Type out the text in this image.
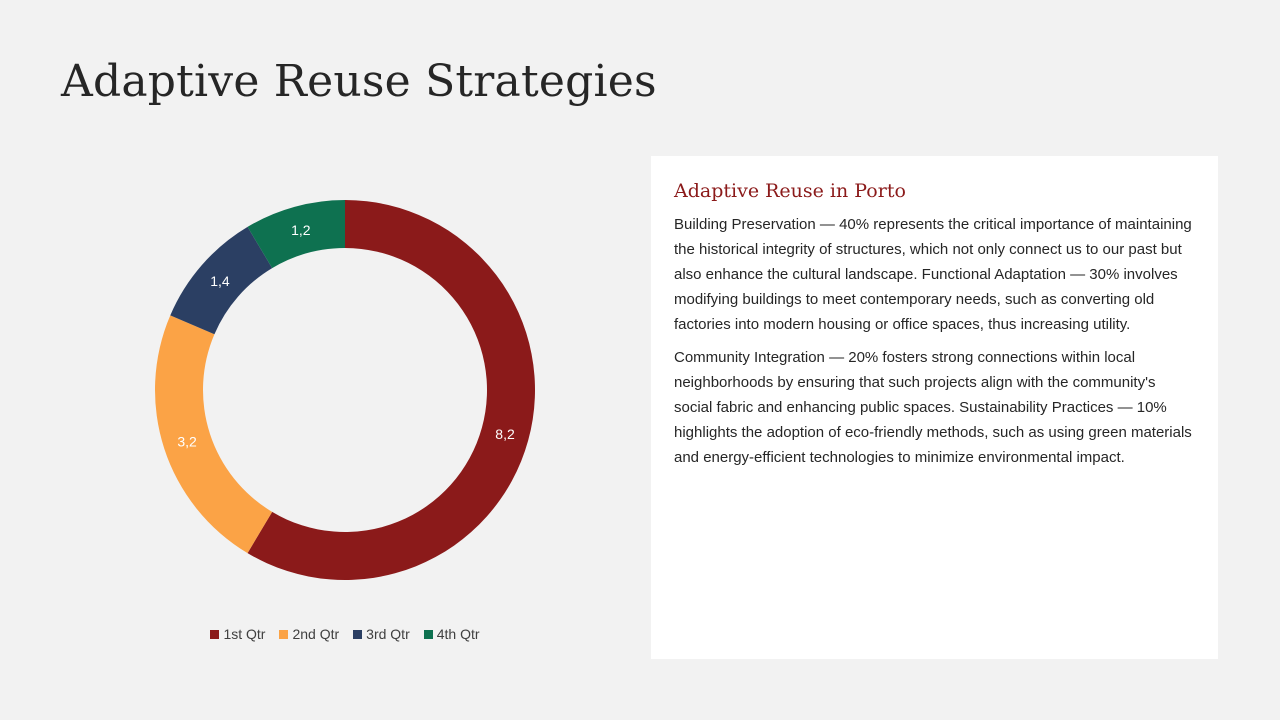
Adaptive Reuse Strategies
8,2
3,2
1,4
1,2
1st Qtr 2nd Qtr 3rd Qtr 4th Qtr
Adaptive Reuse in Porto

Building Preservation — 40% represents the critical importance of maintaining the historical integrity of structures, which not only connect us to our past but also enhance the cultural landscape. Functional Adaptation — 30% involves modifying buildings to meet contemporary needs, such as converting old factories into modern housing or office spaces, thus increasing utility.

Community Integration — 20% fosters strong connections within local neighborhoods by ensuring that such projects align with the community's social fabric and enhancing public spaces. Sustainability Practices — 10% highlights the adoption of eco-friendly methods, such as using green materials and energy-efficient technologies to minimize environmental impact.
